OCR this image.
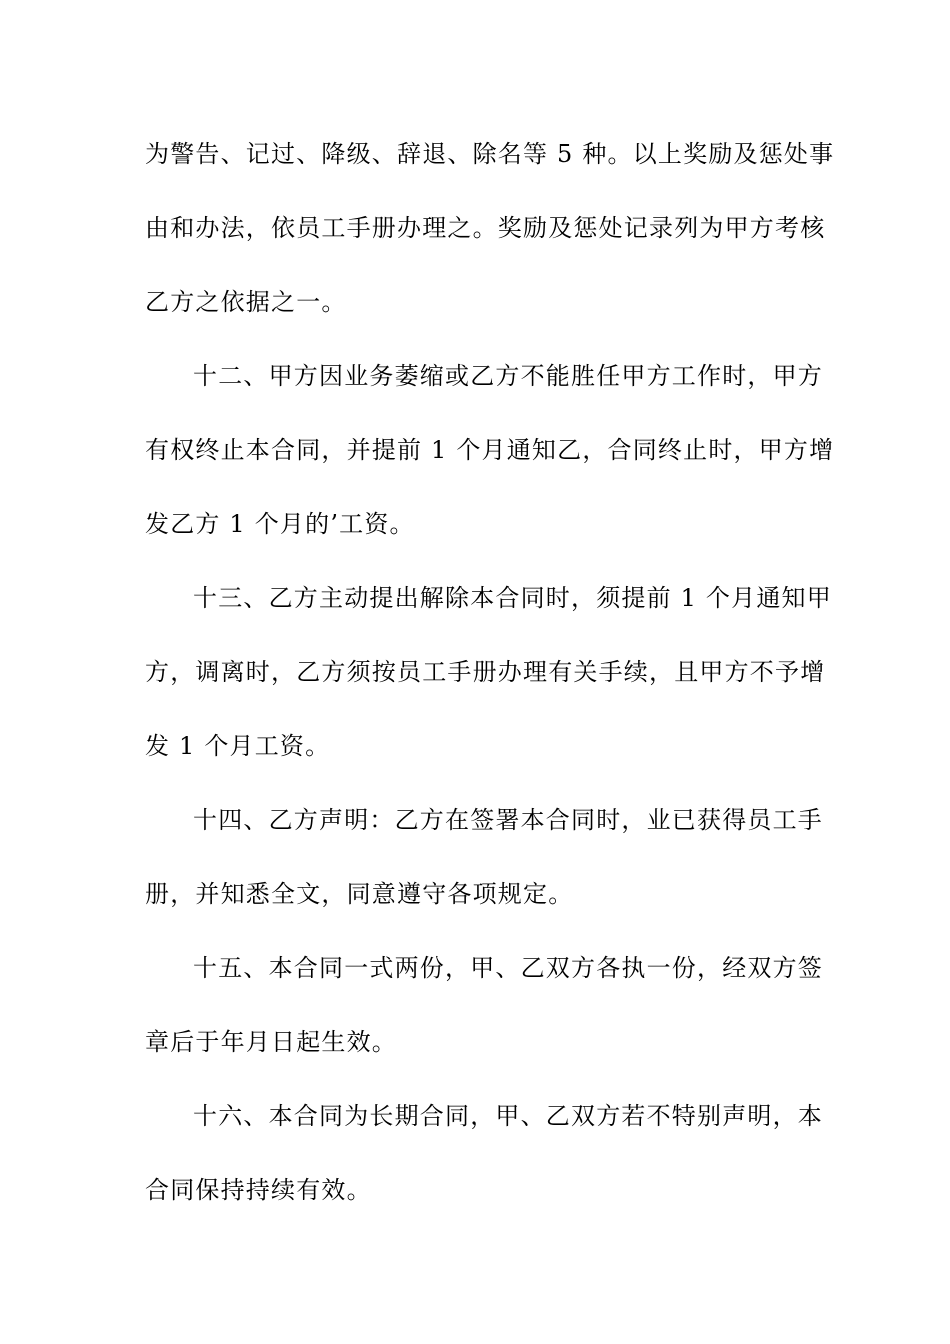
为警告、记过、降级、辞退、除名等 5 种。以上奖励及惩处事
由和办法，依员工手册办理之。奖励及惩处记录列为甲方考核
乙方之依据之一。
十二、甲方因业务萎缩或乙方不能胜任甲方工作时，甲方
有权终止本合同，并提前 1 个月通知乙，合同终止时，甲方增
发乙方 1 个月的’工资。
十三、乙方主动提出解除本合同时，须提前 1 个月通知甲
方，调离时，乙方须按员工手册办理有关手续，且甲方不予增
发 1 个月工资。
十四、乙方声明：乙方在签署本合同时，业已获得员工手
册，并知悉全文，同意遵守各项规定。
十五、本合同一式两份，甲、乙双方各执一份，经双方签
章后于年月日起生效。
十六、本合同为长期合同，甲、乙双方若不特别声明，本
合同保持持续有效。
